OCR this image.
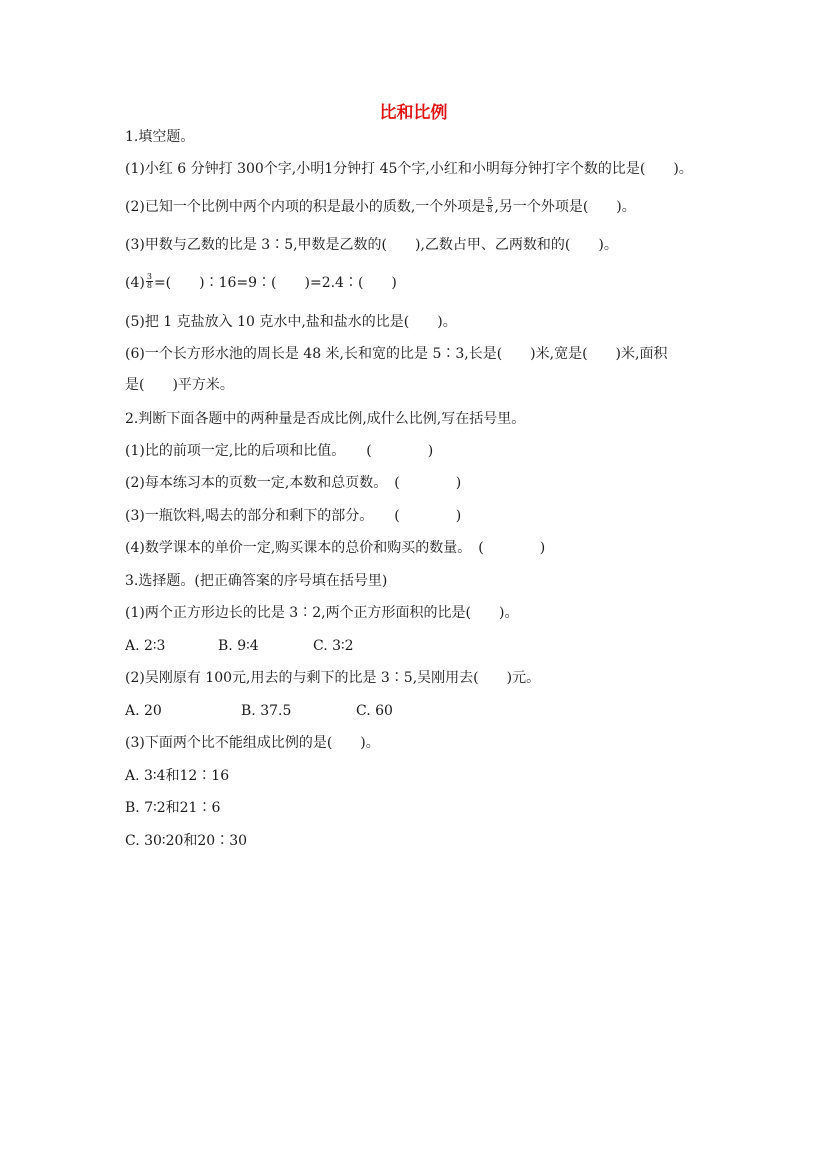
比和比例
1.填空题。
(1)小红 6 分钟打 300个字,小明1分钟打 45个字,小红和小明每分钟打字个数的比是(　　)。
(2)已知一个比例中两个内项的积是最小的质数,一个外项是 $\frac{5}{8}$ ,另一个外项是(　　)。
(3)甲数与乙数的比是 3∶5,甲数是乙数的(　　),乙数占甲、乙两数和的(　　)。
$(4) \frac{3}{8}$ =(　　)∶16=9∶(　　)=2.4∶(　　)
(5)把 1 克盐放入 10 克水中,盐和盐水的比是(　　)。
(6)一个长方形水池的周长是 48 米,长和宽的比是 5∶3,长是(　　)米,宽是(　　)米,面积
是(　　)平方米。
2.判断下面各题中的两种量是否成比例,成什么比例,写在括号里。
(1)比的前项一定,比的后项和比值。　　(　　　　)
(2)每本练习本的页数一定,本数和总页数。　(　　　　)
(3)一瓶饮料,喝去的部分和剩下的部分。　　(　　　　)
(4)数学课本的单价一定,购买课本的总价和购买的数量。　(　　　　)
3.选择题。(把正确答案的序号填在括号里)
(1)两个正方形边长的比是 3∶2,两个正方形面积的比是(　　)。
A. 2∶3	B. 9∶4	C. 3∶2
(2)吴刚原有 100元,用去的与剩下的比是 3∶5,吴刚用去(　　)元。
A. 20	B. 37.5	C. 60
(3)下面两个比不能组成比例的是(　　)。
A. 3∶4和12∶16
B. 7∶2和21∶6
C. 30∶20和20∶30
